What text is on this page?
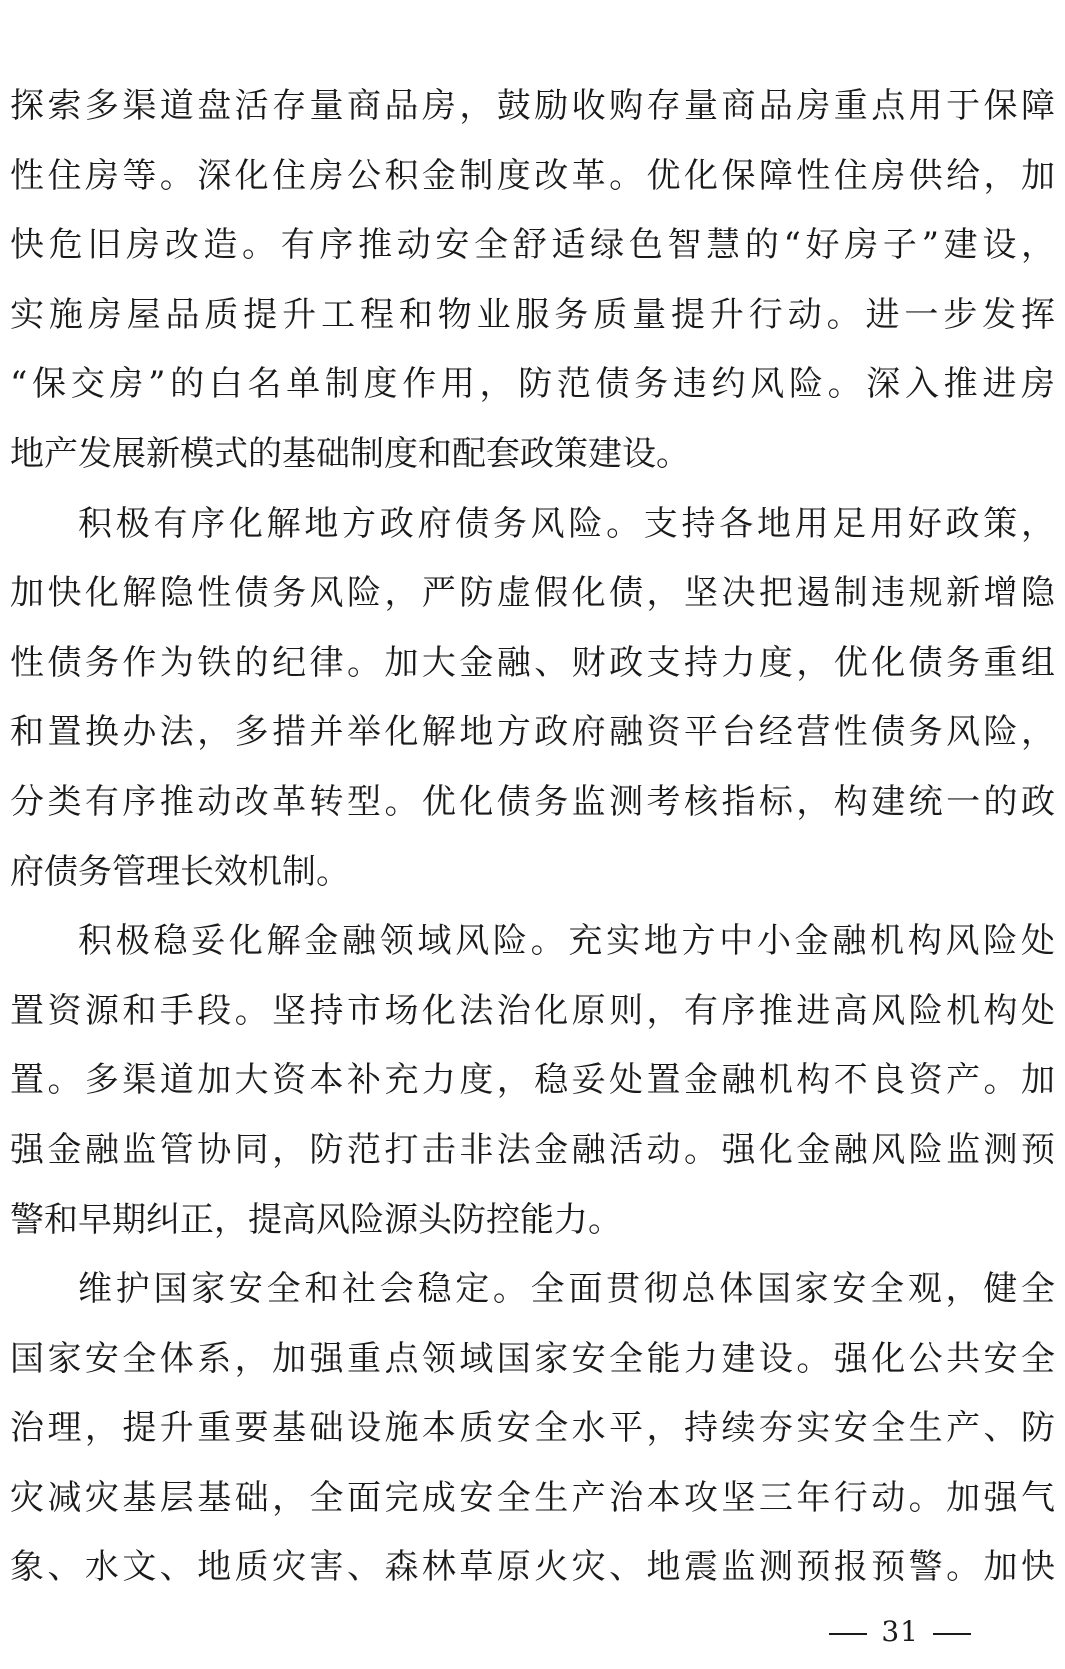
探索多渠道盘活存量商品房，鼓励收购存量商品房重点用于保障
性住房等。深化住房公积金制度改革。优化保障性住房供给，加
快危旧房改造。有序推动安全舒适绿色智慧的“好房子”建设，
实施房屋品质提升工程和物业服务质量提升行动。进一步发挥
“保交房”的白名单制度作用，防范债务违约风险。深入推进房
地产发展新模式的基础制度和配套政策建设。
积极有序化解地方政府债务风险。支持各地用足用好政策，
加快化解隐性债务风险，严防虚假化债，坚决把遏制违规新增隐
性债务作为铁的纪律。加大金融、财政支持力度，优化债务重组
和置换办法，多措并举化解地方政府融资平台经营性债务风险，
分类有序推动改革转型。优化债务监测考核指标，构建统一的政
府债务管理长效机制。
积极稳妥化解金融领域风险。充实地方中小金融机构风险处
置资源和手段。坚持市场化法治化原则，有序推进高风险机构处
置。多渠道加大资本补充力度，稳妥处置金融机构不良资产。加
强金融监管协同，防范打击非法金融活动。强化金融风险监测预
警和早期纠正，提高风险源头防控能力。
维护国家安全和社会稳定。全面贯彻总体国家安全观，健全
国家安全体系，加强重点领域国家安全能力建设。强化公共安全
治理，提升重要基础设施本质安全水平，持续夯实安全生产、防
灾减灾基层基础，全面完成安全生产治本攻坚三年行动。加强气
象、水文、地质灾害、森林草原火灾、地震监测预报预警。加快
31
